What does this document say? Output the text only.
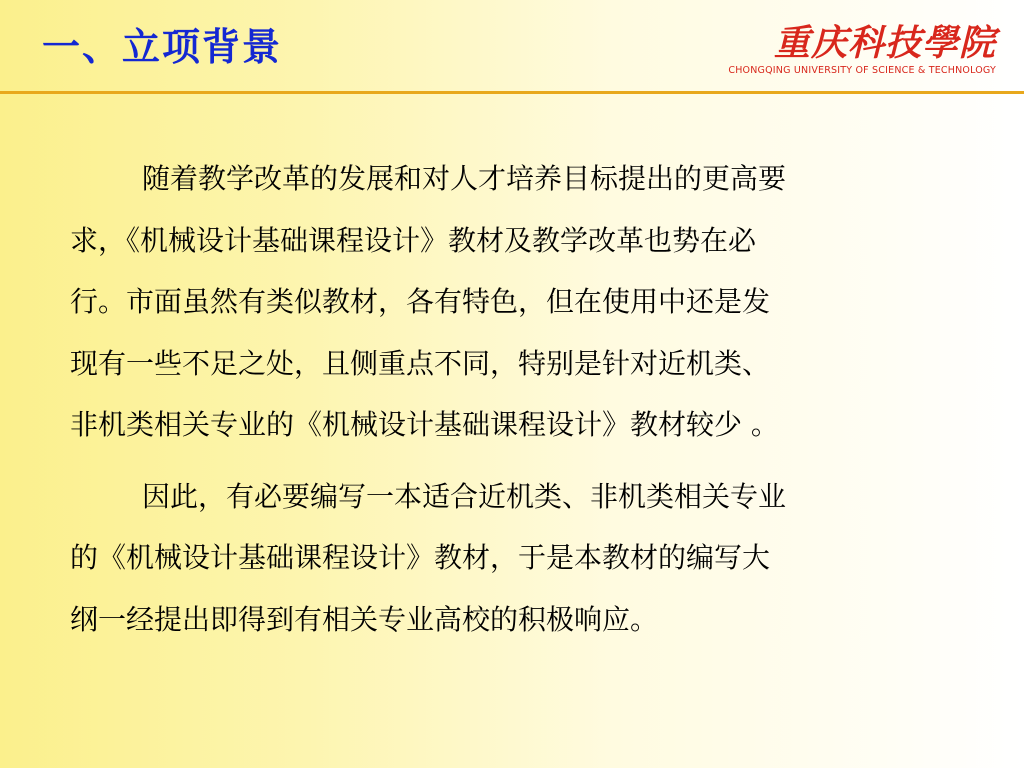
一、立项背景	重庆科技學院
CHONGQING UNIVERSITY OF SCIENCE & TECHNOLOGY

随着教学改革的发展和对人才培养目标提出的更高要
求，《机械设计基础课程设计》教材及教学改革也势在必
行。市面虽然有类似教材，各有特色，但在使用中还是发
现有一些不足之处，且侧重点不同，特别是针对近机类、
非机类相关专业的《机械设计基础课程设计》教材较少 。

因此，有必要编写一本适合近机类、非机类相关专业
的《机械设计基础课程设计》教材，于是本教材的编写大
纲一经提出即得到有相关专业高校的积极响应。
